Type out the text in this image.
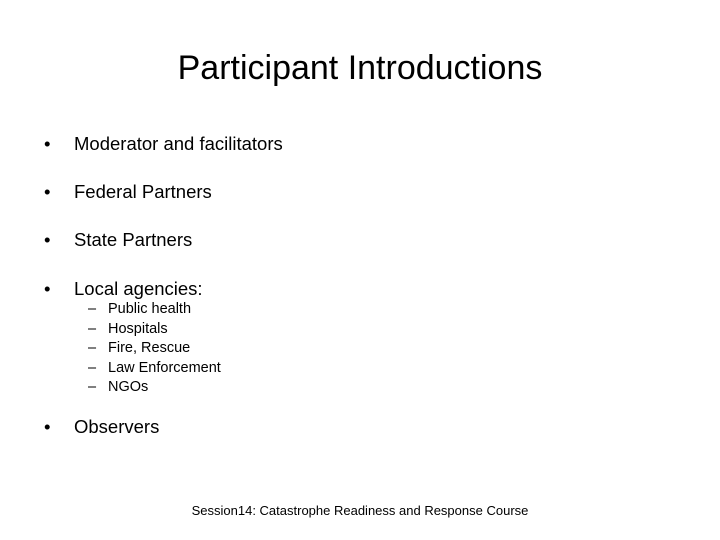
Participant Introductions
• Moderator and facilitators
• Federal Partners
• State Partners
• Local agencies:
– Public health
– Hospitals
– Fire, Rescue
– Law Enforcement
– NGOs
• Observers
Session14: Catastrophe Readiness and Response Course
